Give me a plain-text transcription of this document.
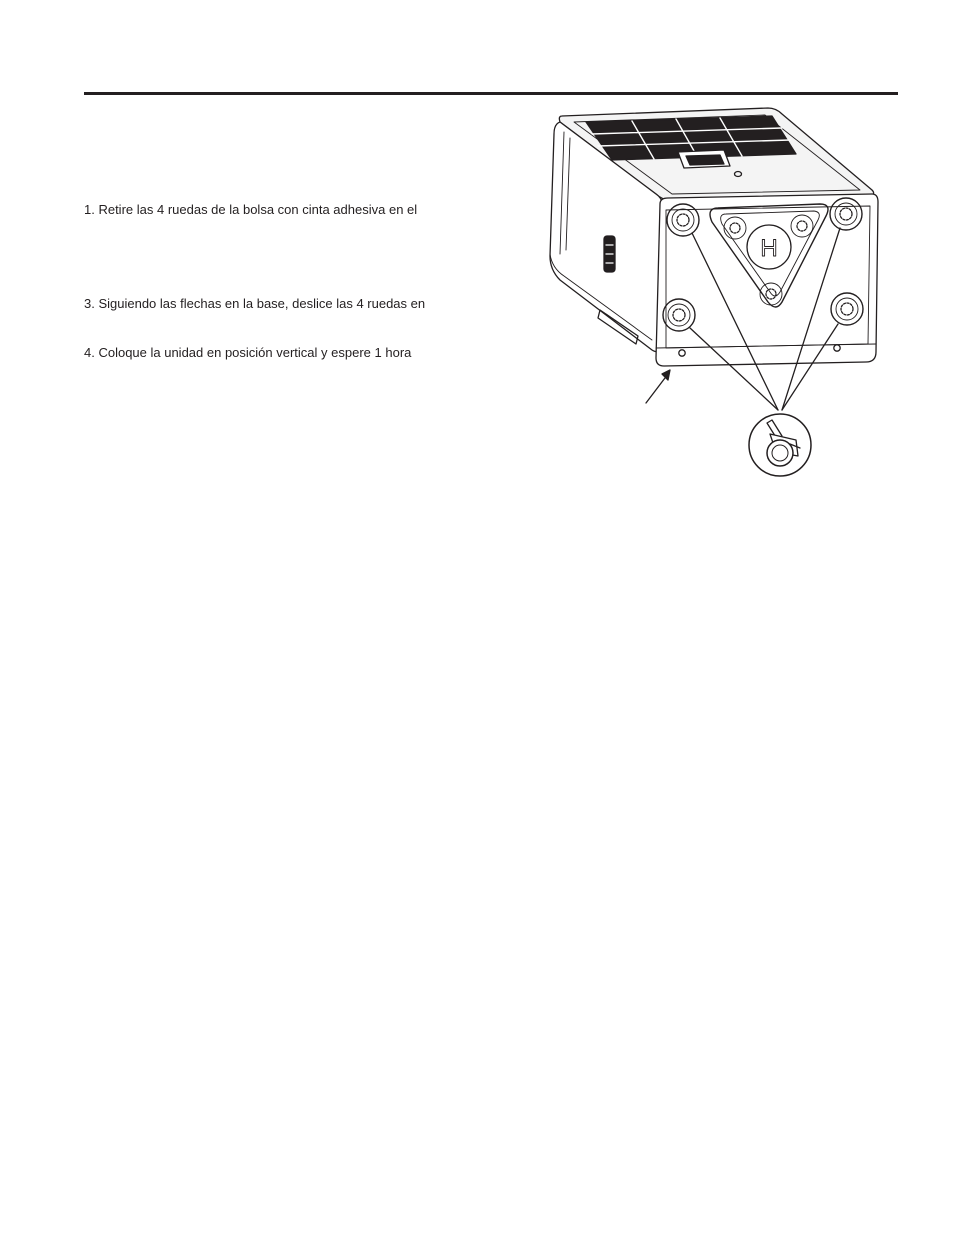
1. Retire las 4 ruedas de la bolsa con cinta adhesiva en el
3. Siguiendo las flechas en la base, deslice las 4 ruedas en
4. Coloque la unidad en posición vertical y espere 1 hora
H
